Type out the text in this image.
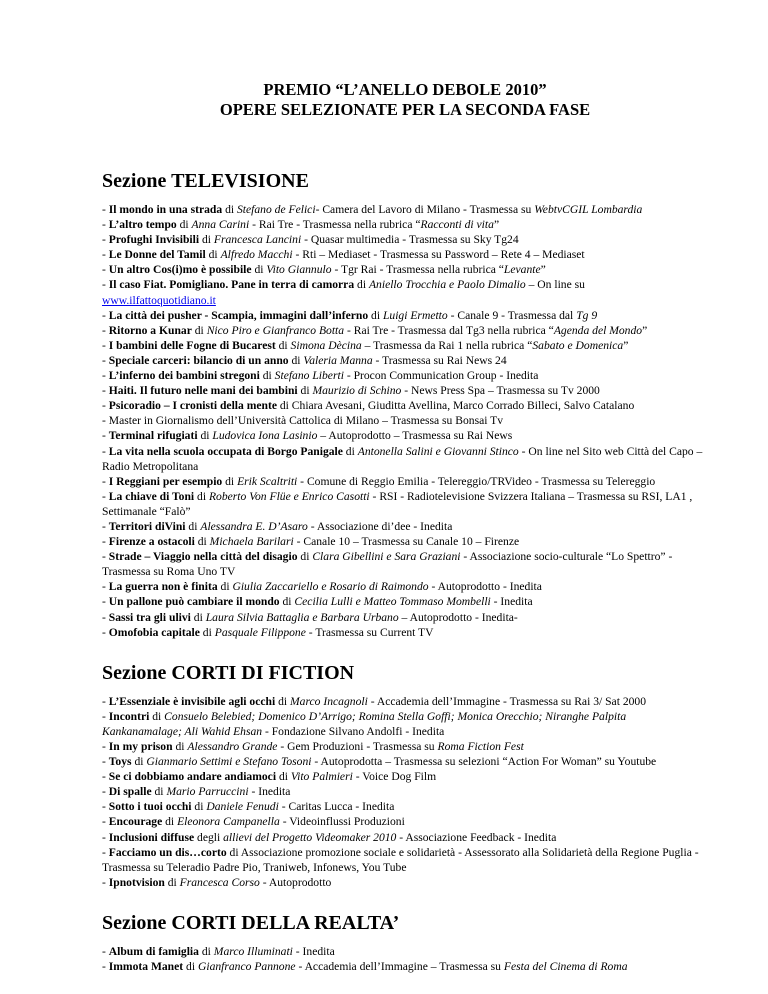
PREMIO “L’ANELLO DEBOLE 2010”
OPERE SELEZIONATE PER LA SECONDA FASE
Sezione TELEVISIONE
- Il mondo in una strada di Stefano de Felici- Camera del Lavoro di Milano - Trasmessa su WebtvCGIL Lombardia
- L’altro tempo di Anna Carini - Rai Tre - Trasmessa nella rubrica “Racconti di vita”
- Profughi Invisibili di Francesca Lancini - Quasar multimedia - Trasmessa su Sky Tg24
- Le Donne del Tamil di Alfredo Macchi - Rti – Mediaset - Trasmessa su Password – Rete 4 – Mediaset
- Un altro Cos(i)mo è possibile di Vito Giannulo - Tgr Rai - Trasmessa nella rubrica “Levante”
- Il caso Fiat. Pomigliano. Pane in terra di camorra di Aniello Trocchia e Paolo Dimalio – On line su
www.ilfattoquotidiano.it
- La città dei pusher - Scampia, immagini dall’inferno di Luigi Ermetto - Canale 9 - Trasmessa dal Tg 9
- Ritorno a Kunar di Nico Piro e Gianfranco Botta - Rai Tre - Trasmessa dal Tg3 nella rubrica “Agenda del Mondo”
- I bambini delle Fogne di Bucarest di Simona Dècina – Trasmessa da Rai 1 nella rubrica “Sabato e Domenica”
- Speciale carceri: bilancio di un anno di Valeria Manna - Trasmessa su Rai News 24
- L’inferno dei bambini stregoni di Stefano Liberti - Procon Communication Group - Inedita
- Haiti. Il futuro nelle mani dei bambini di Maurizio di Schino - News Press Spa – Trasmessa su Tv 2000
- Psicoradio – I cronisti della mente di Chiara Avesani, Giuditta Avellina, Marco Corrado Billeci, Salvo Catalano
- Master in Giornalismo dell’Università Cattolica di Milano – Trasmessa su Bonsai Tv
- Terminal rifugiati di Ludovica Iona Lasinio – Autoprodotto – Trasmessa su Rai News
- La vita nella scuola occupata di Borgo Panigale di Antonella Salini e Giovanni Stinco - On line nel Sito web Città del Capo – Radio Metropolitana
- I Reggiani per esempio di Erik Scaltriti - Comune di Reggio Emilia - Telereggio/TRVideo - Trasmessa su Telereggio
- La chiave di Toni di Roberto Von Flüe e Enrico Casotti - RSI - Radiotelevisione Svizzera Italiana – Trasmessa su RSI, LA1 , Settimanale “Falò”
- Territori diVini di Alessandra E. D’Asaro - Associazione di’dee - Inedita
- Firenze a ostacoli di Michaela Barilari - Canale 10 – Trasmessa su Canale 10 – Firenze
- Strade – Viaggio nella città del disagio di Clara Gibellini e Sara Graziani - Associazione socio-culturale “Lo Spettro” - Trasmessa su Roma Uno TV
- La guerra non è finita di Giulia Zaccariello e Rosario di Raimondo - Autoprodotto - Inedita
- Un pallone può cambiare il mondo di Cecilia Lulli e Matteo Tommaso Mombelli - Inedita
- Sassi tra gli ulivi di Laura Silvia Battaglia e Barbara Urbano – Autoprodotto - Inedita-
- Omofobia capitale di Pasquale Filippone - Trasmessa su Current TV
Sezione CORTI DI FICTION
- L’Essenziale è invisibile agli occhi di Marco Incagnoli - Accademia dell’Immagine - Trasmessa su Rai 3/ Sat 2000
- Incontri di Consuelo Belebied; Domenico D’Arrigo; Romina Stella Goffi; Monica Orecchio; Niranghe Palpita Kankanamalage; Ali Wahid Ehsan - Fondazione Silvano Andolfi - Inedita
- In my prison di Alessandro Grande - Gem Produzioni - Trasmessa su Roma Fiction Fest
- Toys di Gianmario Settimi e Stefano Tosoni - Autoprodotta – Trasmessa su selezioni “Action For Woman” su Youtube
- Se ci dobbiamo andare andiamoci di Vito Palmieri - Voice Dog Film
- Di spalle di Mario Parruccini - Inedita
- Sotto i tuoi occhi di Daniele Fenudi - Caritas Lucca - Inedita
- Encourage di Eleonora Campanella - Videoinflussi Produzioni
- Inclusioni diffuse degli allievi del Progetto Videomaker 2010 - Associazione Feedback - Inedita
- Facciamo un dis…corto di Associazione promozione sociale e solidarietà - Assessorato alla Solidarietà della Regione Puglia - Trasmessa su Teleradio Padre Pio, Traniweb, Infonews, You Tube
- Ipnotvision di Francesca Corso - Autoprodotto
Sezione CORTI DELLA REALTA’
- Album di famiglia di Marco Illuminati - Inedita
- Immota Manet di Gianfranco Pannone - Accademia dell’Immagine – Trasmessa su Festa del Cinema di Roma
